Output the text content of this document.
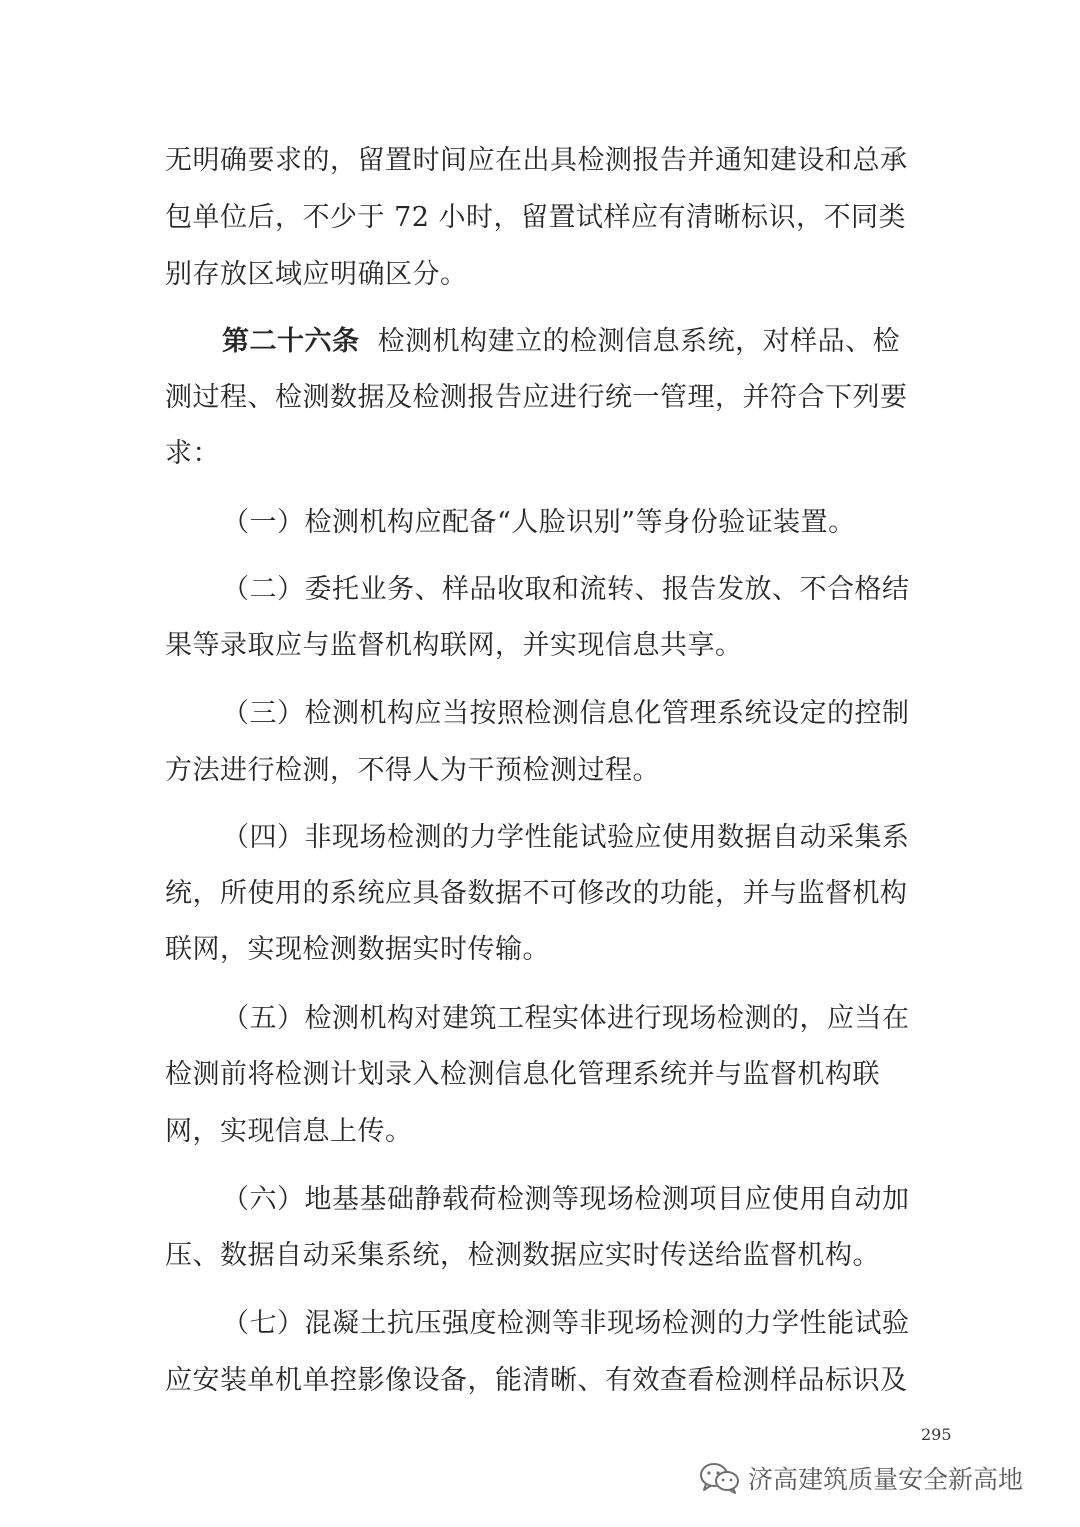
无明确要求的，留置时间应在出具检测报告并通知建设和总承
包单位后，不少于 72 小时，留置试样应有清晰标识，不同类
别存放区域应明确区分。
第二十六条 检测机构建立的检测信息系统，对样品、检
测过程、检测数据及检测报告应进行统一管理，并符合下列要
求：
（一）检测机构应配备“人脸识别”等身份验证装置。
（二）委托业务、样品收取和流转、报告发放、不合格结
果等录取应与监督机构联网，并实现信息共享。
（三）检测机构应当按照检测信息化管理系统设定的控制
方法进行检测，不得人为干预检测过程。
（四）非现场检测的力学性能试验应使用数据自动采集系
统，所使用的系统应具备数据不可修改的功能，并与监督机构
联网，实现检测数据实时传输。
（五）检测机构对建筑工程实体进行现场检测的，应当在
检测前将检测计划录入检测信息化管理系统并与监督机构联
网，实现信息上传。
（六）地基基础静载荷检测等现场检测项目应使用自动加
压、数据自动采集系统，检测数据应实时传送给监督机构。
（七）混凝土抗压强度检测等非现场检测的力学性能试验
应安装单机单控影像设备，能清晰、有效查看检测样品标识及
295
济高建筑质量安全新高地
